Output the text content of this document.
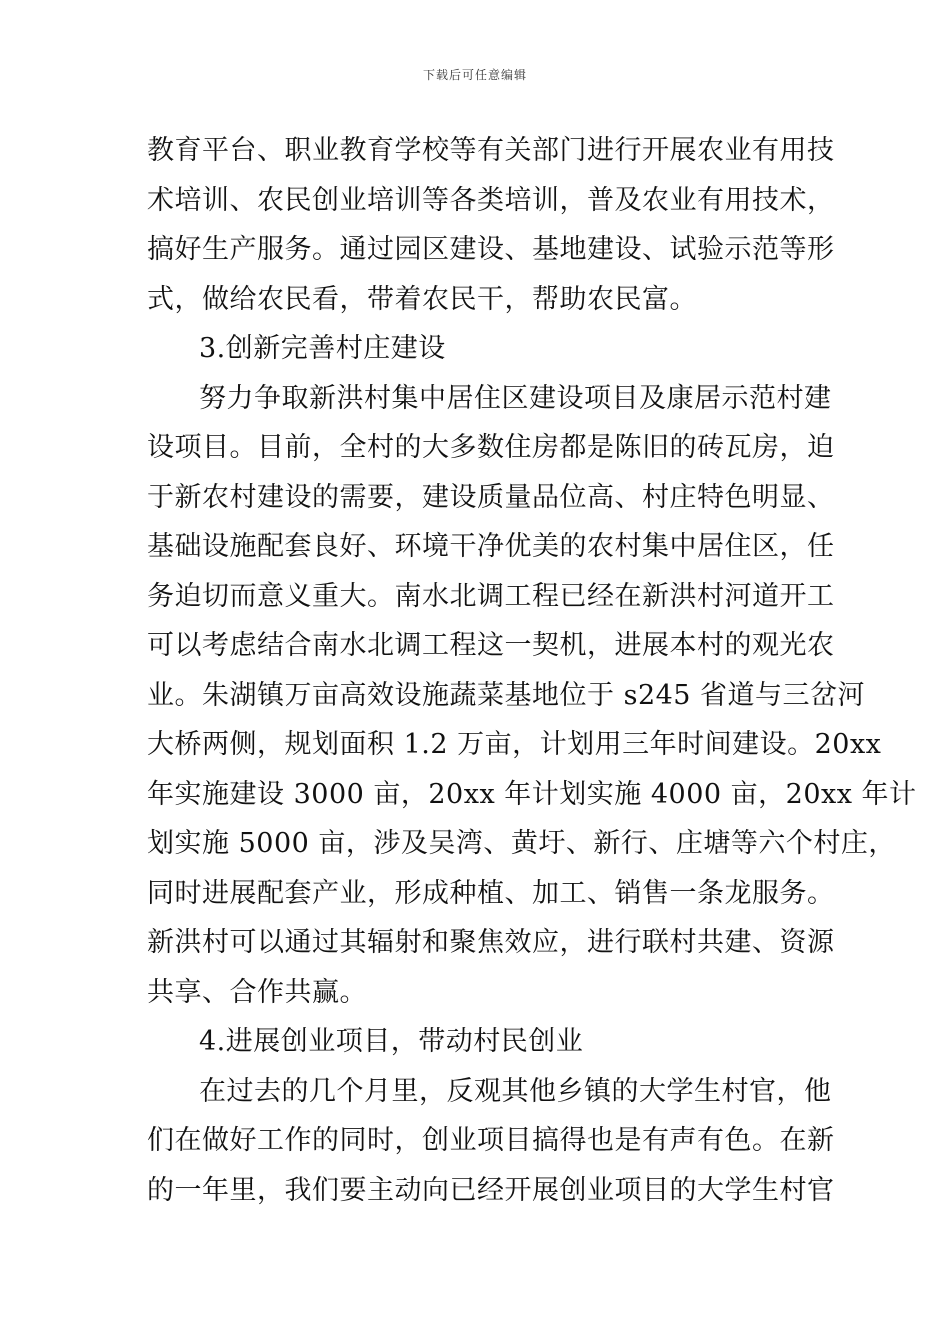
下载后可任意编辑
教育平台、职业教育学校等有关部门进行开展农业有用技
术培训、农民创业培训等各类培训，普及农业有用技术，
搞好生产服务。通过园区建设、基地建设、试验示范等形
式，做给农民看，带着农民干，帮助农民富。
3.创新完善村庄建设
努力争取新洪村集中居住区建设项目及康居示范村建
设项目。目前，全村的大多数住房都是陈旧的砖瓦房，迫
于新农村建设的需要，建设质量品位高、村庄特色明显、
基础设施配套良好、环境干净优美的农村集中居住区，任
务迫切而意义重大。南水北调工程已经在新洪村河道开工
可以考虑结合南水北调工程这一契机，进展本村的观光农
业。朱湖镇万亩高效设施蔬菜基地位于 s245 省道与三岔河
大桥两侧，规划面积 1.2 万亩，计划用三年时间建设。20xx
年实施建设 3000 亩，20xx 年计划实施 4000 亩，20xx 年计
划实施 5000 亩，涉及吴湾、黄圩、新行、庄塘等六个村庄，
同时进展配套产业，形成种植、加工、销售一条龙服务。
新洪村可以通过其辐射和聚焦效应，进行联村共建、资源
共享、合作共赢。
4.进展创业项目，带动村民创业
在过去的几个月里，反观其他乡镇的大学生村官，他
们在做好工作的同时，创业项目搞得也是有声有色。在新
的一年里，我们要主动向已经开展创业项目的大学生村官
